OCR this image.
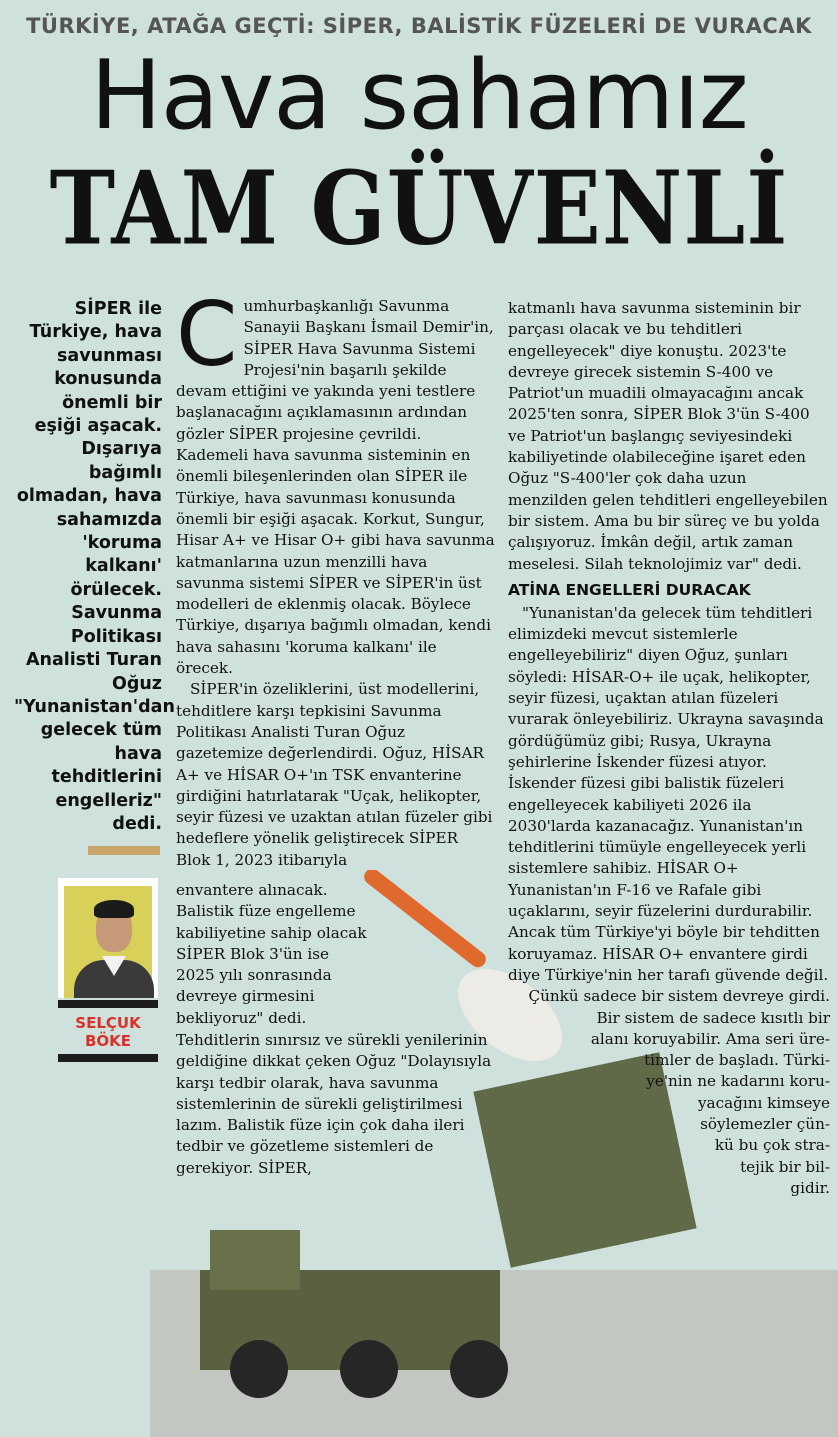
TÜRKİYE, ATAĞA GEÇTİ: SİPER, BALİSTİK FÜZELERİ DE VURACAK
Hava sahamız
TAM GÜVENLİ
SİPER ile Türkiye, hava savunması konusunda önemli bir eşiği aşacak. Dışarıya bağımlı olmadan, hava sahamızda 'koruma kalkanı' örülecek. Savunma Politikası Analisti Turan Oğuz "Yunanistan'dan gelecek tüm hava tehditlerini engelleriz" dedi.
SELÇUK
BÖKE

C umhurbaşkanlığı Savunma Sanayii Başkanı İsmail Demir'in, SİPER Hava Savunma Sistemi Projesi'nin başarılı şekilde devam ettiğini ve yakında yeni testlere başlanacağını açıklamasının ardından gözler SİPER projesine çevrildi. Kademeli hava savunma sisteminin en önemli bileşenlerinden olan SİPER ile Türkiye, hava savunması konusunda önemli bir eşiği aşacak. Korkut, Sungur, Hisar A+ ve Hisar O+ gibi hava savunma katmanlarına uzun menzilli hava savunma sistemi SİPER ve SİPER'in üst modelleri de eklenmiş olacak. Böylece Türkiye, dışarıya bağımlı olmadan, kendi hava sahasını 'koruma kalkanı' ile örecek.

SİPER'in özeliklerini, üst modellerini, tehditlere karşı tepkisini Savunma Politikası Analisti Turan Oğuz gazetemize değerlendirdi. Oğuz, HİSAR A+ ve HİSAR O+'ın TSK envanterine girdiğini hatırlatarak "Uçak, helikopter, seyir füzesi ve uzaktan atılan füzeler gibi hedeflere yönelik geliştirecek SİPER Blok 1, 2023 itibarıyla

envantere alınacak. Balistik füze engelleme kabiliyetine sahip olacak SİPER Blok 3'ün ise 2025 yılı sonrasında devreye girmesini bekliyoruz" dedi.

Tehditlerin sınırsız ve sürekli yenilerinin geldiğine dikkat çeken Oğuz "Dolayısıyla karşı tedbir olarak, hava savunma sistemlerinin de sürekli geliştirilmesi lazım. Balistik füze için çok daha ileri tedbir ve gözetleme sistemleri de gerekiyor. SİPER,

katmanlı hava savunma sisteminin bir parçası olacak ve bu tehditleri engelleyecek" diye konuştu. 2023'te devreye girecek sistemin S-400 ve Patriot'un muadili olmayacağını ancak 2025'ten sonra, SİPER Blok 3'ün S-400 ve Patriot'un başlangıç seviyesindeki kabiliyetinde olabileceğine işaret eden Oğuz "S-400'ler çok daha uzun menzilden gelen tehditleri engelleyebilen bir sistem. Ama bu bir süreç ve bu yolda çalışıyoruz. İmkân değil, artık zaman meselesi. Silah teknolojimiz var" dedi.

ATİNA ENGELLERİ DURACAK

"Yunanistan'da gelecek tüm tehditleri elimizdeki mevcut sistemlerle engelleyebiliriz" diyen Oğuz, şunları söyledi: HİSAR-O+ ile uçak, helikopter, seyir füzesi, uçaktan atılan füzeleri vurarak önleyebiliriz. Ukrayna savaşında gördüğümüz gibi; Rusya, Ukrayna şehirlerine İskender füzesi atıyor. İskender füzesi gibi balistik füzeleri engelleyecek kabiliyeti 2026 ila 2030'larda kazanacağız. Yunanistan'ın tehditlerini tümüyle engelleyecek yerli sistemlere sahibiz. HİSAR O+ Yunanistan'ın F-16 ve Rafale gibi uçaklarını, seyir füzelerini durdurabilir. Ancak tüm Türkiye'yi böyle bir tehditten koruyamaz. HİSAR O+ envantere girdi diye Türkiye'nin her tarafı güvende değil.

Çünkü sadece bir sistem devreye girdi.
Bir sistem de sadece kısıtlı bir
alanı koruyabilir. Ama seri üre-
timler de başladı. Türki-
ye'nin ne kadarını koru-
yacağını kimseye
söylemezler çün-
kü bu çok stra-
tejik bir bil-
gidir.
